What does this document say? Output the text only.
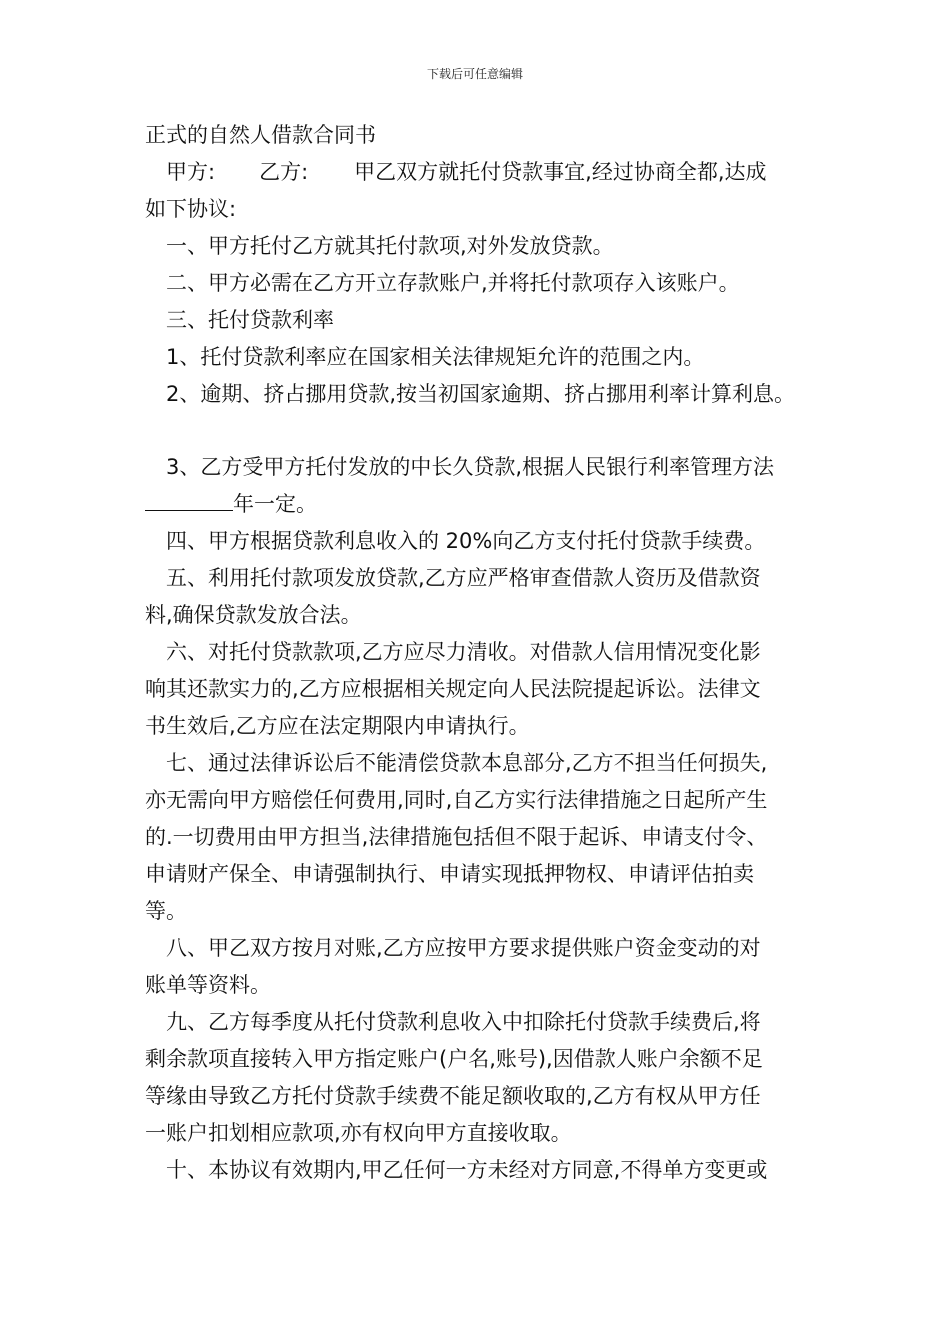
下载后可任意编辑
正式的自然人借款合同书
甲方: 乙方: 甲乙双方就托付贷款事宜,经过协商全都,达成
如下协议:
一、甲方托付乙方就其托付款项,对外发放贷款。
二、甲方必需在乙方开立存款账户,并将托付款项存入该账户。
三、托付贷款利率
1、托付贷款利率应在国家相关法律规矩允许的范围之内。
2、逾期、挤占挪用贷款,按当初国家逾期、挤占挪用利率计算利息。
3、乙方受甲方托付发放的中长久贷款,根据人民银行利率管理方法
年一定。
四、甲方根据贷款利息收入的 20%向乙方支付托付贷款手续费。
五、利用托付款项发放贷款,乙方应严格审查借款人资历及借款资
料,确保贷款发放合法。
六、对托付贷款款项,乙方应尽力清收。对借款人信用情况变化影
响其还款实力的,乙方应根据相关规定向人民法院提起诉讼。法律文
书生效后,乙方应在法定期限内申请执行。
七、通过法律诉讼后不能清偿贷款本息部分,乙方不担当任何损失,
亦无需向甲方赔偿任何费用,同时,自乙方实行法律措施之日起所产生
的.一切费用由甲方担当,法律措施包括但不限于起诉、申请支付令、
申请财产保全、申请强制执行、申请实现抵押物权、申请评估拍卖
等。
八、甲乙双方按月对账,乙方应按甲方要求提供账户资金变动的对
账单等资料。
九、乙方每季度从托付贷款利息收入中扣除托付贷款手续费后,将
剩余款项直接转入甲方指定账户(户名,账号),因借款人账户余额不足
等缘由导致乙方托付贷款手续费不能足额收取的,乙方有权从甲方任
一账户扣划相应款项,亦有权向甲方直接收取。
十、本协议有效期内,甲乙任何一方未经对方同意,不得单方变更或
